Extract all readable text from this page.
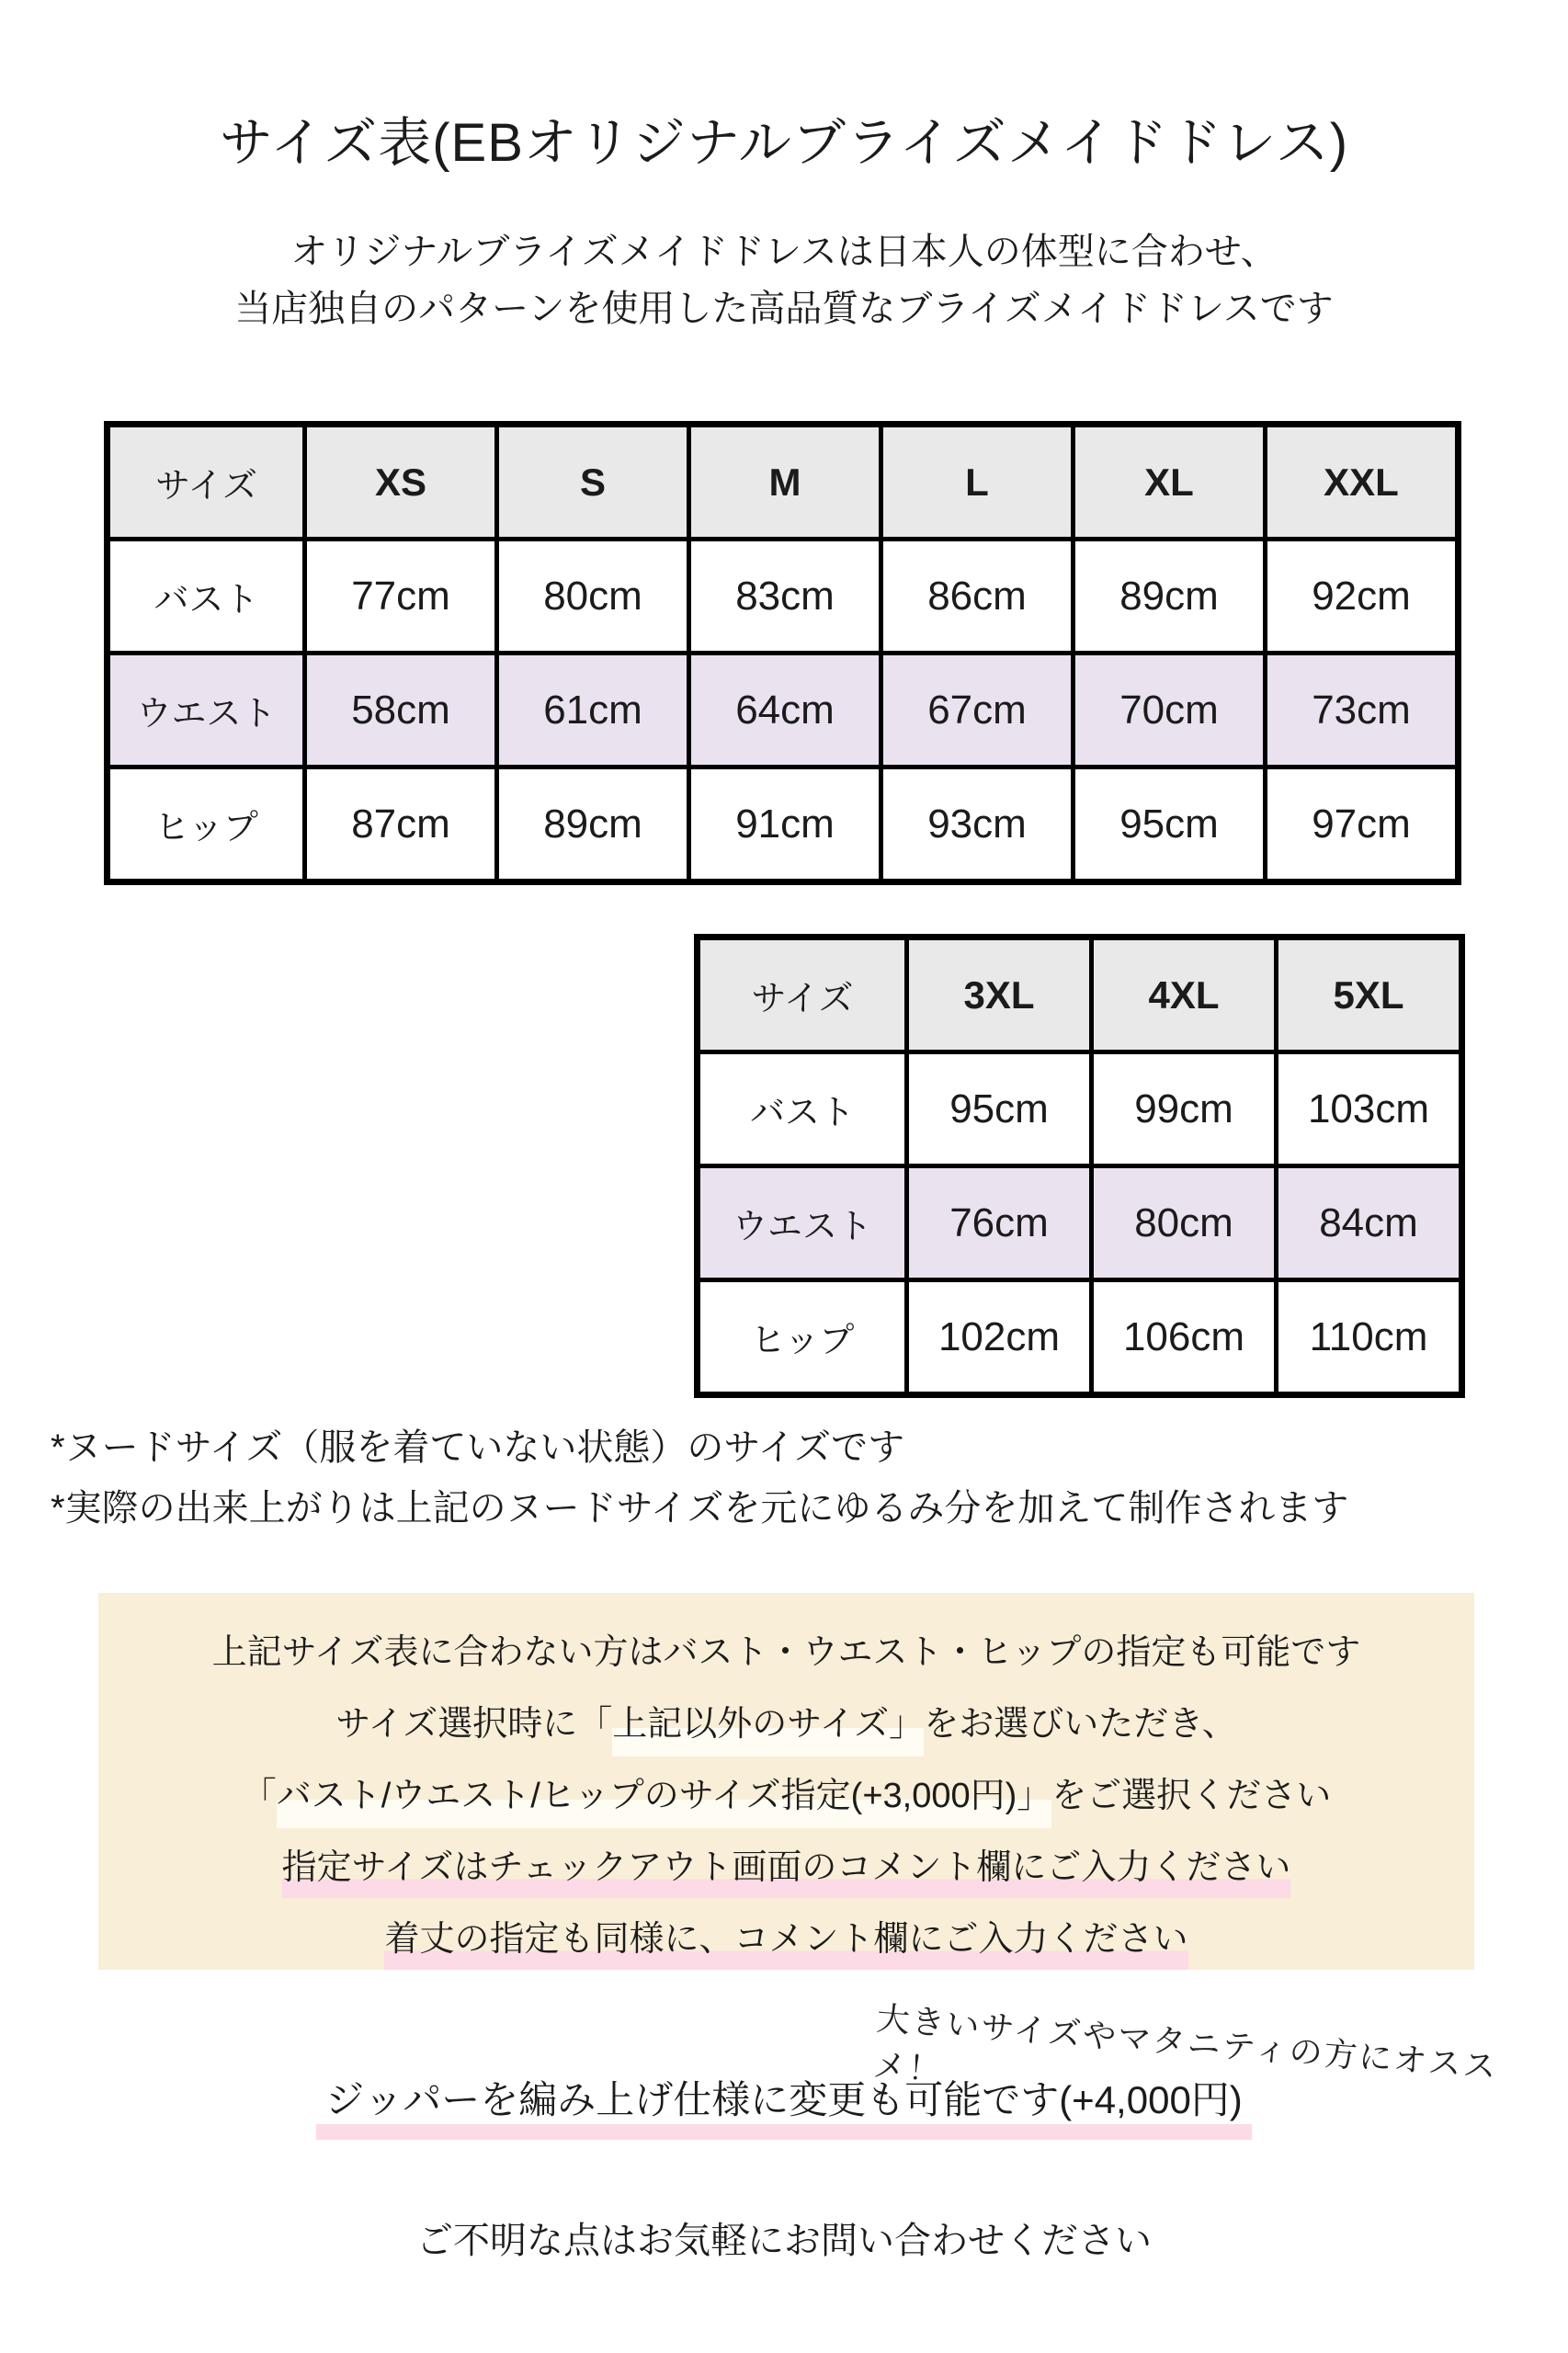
サイズ表(EBオリジナルブライズメイドドレス)

オリジナルブライズメイドドレスは日本人の体型に合わせ、
当店独自のパターンを使用した高品質なブライズメイドドレスです

サイズ	XS	S	M	L	XL	XXL
バスト	77cm	80cm	83cm	86cm	89cm	92cm
ウエスト	58cm	61cm	64cm	67cm	70cm	73cm
ヒップ	87cm	89cm	91cm	93cm	95cm	97cm
サイズ	3XL	4XL	5XL
バスト	95cm	99cm	103cm
ウエスト	76cm	80cm	84cm
ヒップ	102cm	106cm	110cm

*ヌードサイズ（服を着ていない状態）のサイズです
*実際の出来上がりは上記のヌードサイズを元にゆるみ分を加えて制作されます

上記サイズ表に合わない方はバスト・ウエスト・ヒップの指定も可能です
サイズ選択時に「上記以外のサイズ」をお選びいただき、
「バスト/ウエスト/ヒップのサイズ指定(+3,000円)」をご選択ください
指定サイズはチェックアウト画面のコメント欄にご入力ください
着丈の指定も同様に、コメント欄にご入力ください
大きいサイズやマタニティの方にオススメ！

ジッパーを編み上げ仕様に変更も可能です(+4,000円)

ご不明な点はお気軽にお問い合わせください
